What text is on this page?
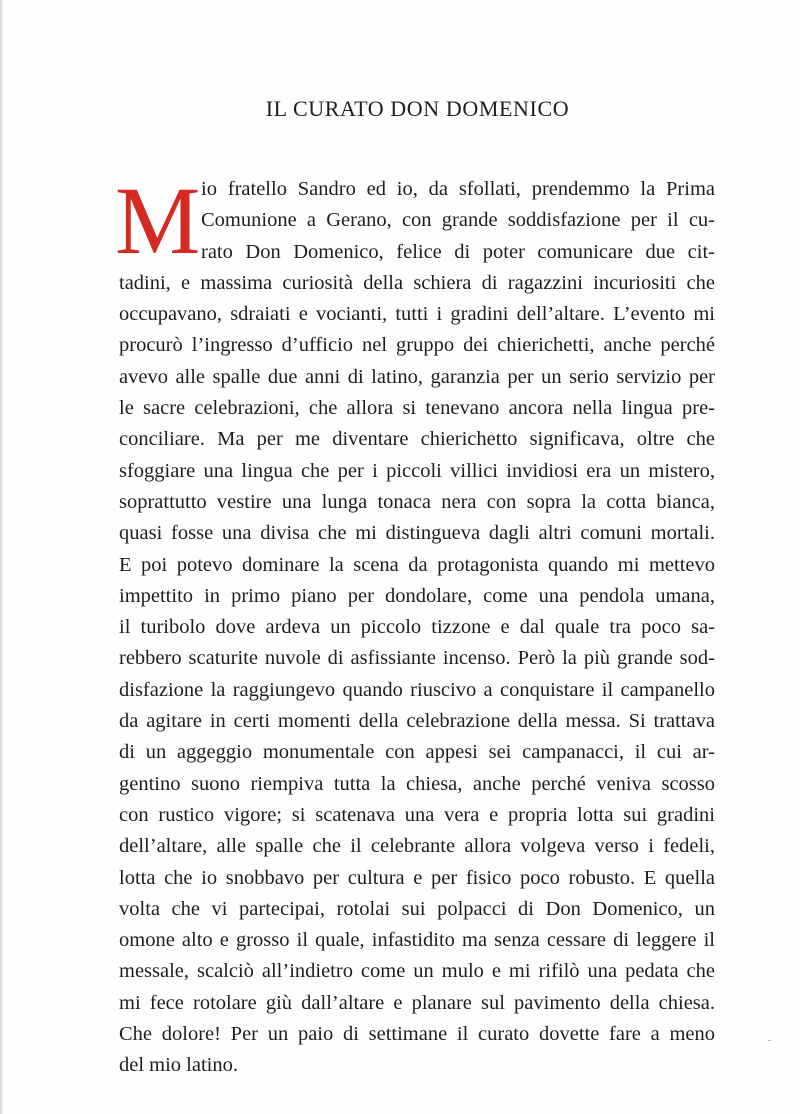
IL CURATO DON DOMENICO
M io fratello Sandro ed io, da sfollati, prendemmo la Prima
Comunione a Gerano, con grande soddisfazione per il cu-
rato Don Domenico, felice di poter comunicare due cit-
tadini, e massima curiosità della schiera di ragazzini incuriositi che
occupavano, sdraiati e vocianti, tutti i gradini dell’altare. L’evento mi
procurò l’ingresso d’ufficio nel gruppo dei chierichetti, anche perché
avevo alle spalle due anni di latino, garanzia per un serio servizio per
le sacre celebrazioni, che allora si tenevano ancora nella lingua pre-
conciliare. Ma per me diventare chierichetto significava, oltre che
sfoggiare una lingua che per i piccoli villici invidiosi era un mistero,
soprattutto vestire una lunga tonaca nera con sopra la cotta bianca,
quasi fosse una divisa che mi distingueva dagli altri comuni mortali.
E poi potevo dominare la scena da protagonista quando mi mettevo
impettito in primo piano per dondolare, come una pendola umana,
il turibolo dove ardeva un piccolo tizzone e dal quale tra poco sa-
rebbero scaturite nuvole di asfissiante incenso. Però la più grande sod-
disfazione la raggiungevo quando riuscivo a conquistare il campanello
da agitare in certi momenti della celebrazione della messa. Si trattava
di un aggeggio monumentale con appesi sei campanacci, il cui ar-
gentino suono riempiva tutta la chiesa, anche perché veniva scosso
con rustico vigore; si scatenava una vera e propria lotta sui gradini
dell’altare, alle spalle che il celebrante allora volgeva verso i fedeli,
lotta che io snobbavo per cultura e per fisico poco robusto. E quella
volta che vi partecipai, rotolai sui polpacci di Don Domenico, un
omone alto e grosso il quale, infastidito ma senza cessare di leggere il
messale, scalciò all’indietro come un mulo e mi rifilò una pedata che
mi fece rotolare giù dall’altare e planare sul pavimento della chiesa.
Che dolore! Per un paio di settimane il curato dovette fare a meno
del mio latino.
